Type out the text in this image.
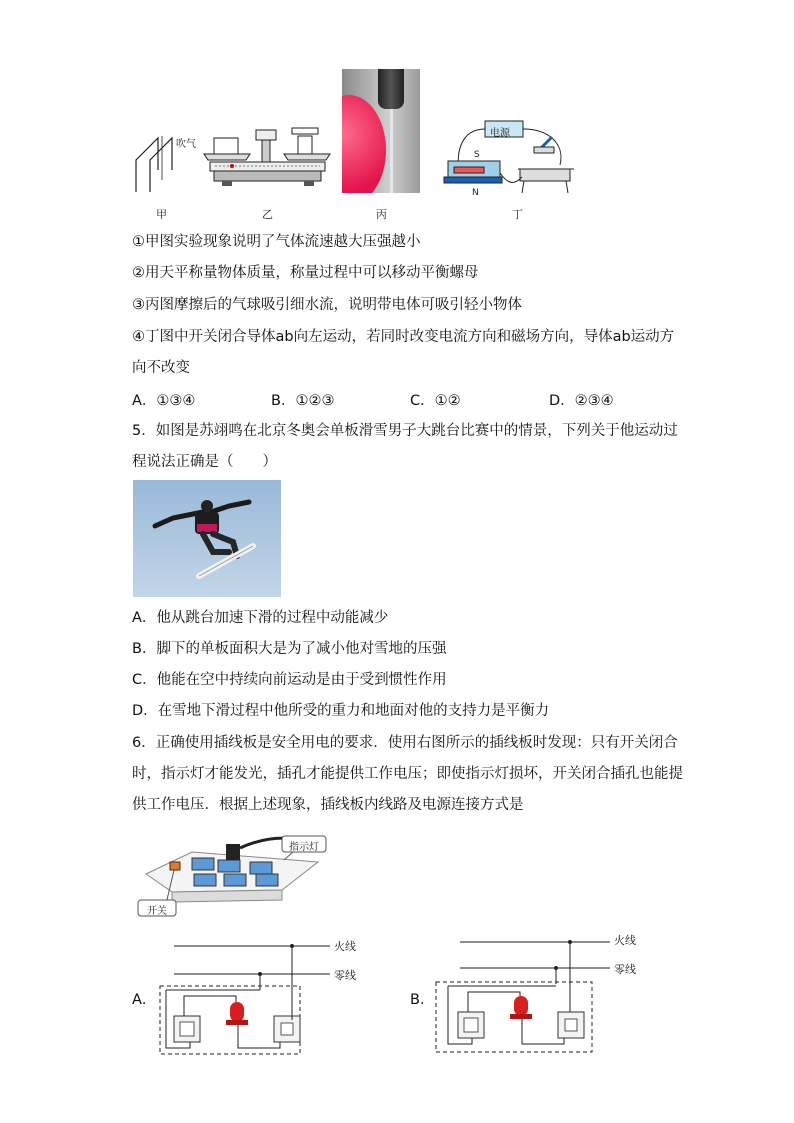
吹气
甲	乙	丙
电源
S
N
丁
①甲图实验现象说明了气体流速越大压强越小
②用天平称量物体质量，称量过程中可以移动平衡螺母
③丙图摩擦后的气球吸引细水流，说明带电体可吸引轻小物体
④丁图中开关闭合导体ab向左运动，若同时改变电流方向和磁场方向，导体ab运动方
向不改变
A．①③④	B．①②③	C．①②	D．②③④
5．如图是苏翊鸣在北京冬奥会单板滑雪男子大跳台比赛中的情景，下列关于他运动过
程说法正确是（　　）
A．他从跳台加速下滑的过程中动能减少
B．脚下的单板面积大是为了减小他对雪地的压强
C．他能在空中持续向前运动是由于受到惯性作用
D．在雪地下滑过程中他所受的重力和地面对他的支持力是平衡力
6．正确使用插线板是安全用电的要求．使用右图所示的插线板时发现：只有开关闭合
时，指示灯才能发光，插孔才能提供工作电压；即使指示灯损坏，开关闭合插孔也能提
供工作电压．根据上述现象，插线板内线路及电源连接方式是
指示灯
开关
A．
火线
零线
B．
火线
零线
